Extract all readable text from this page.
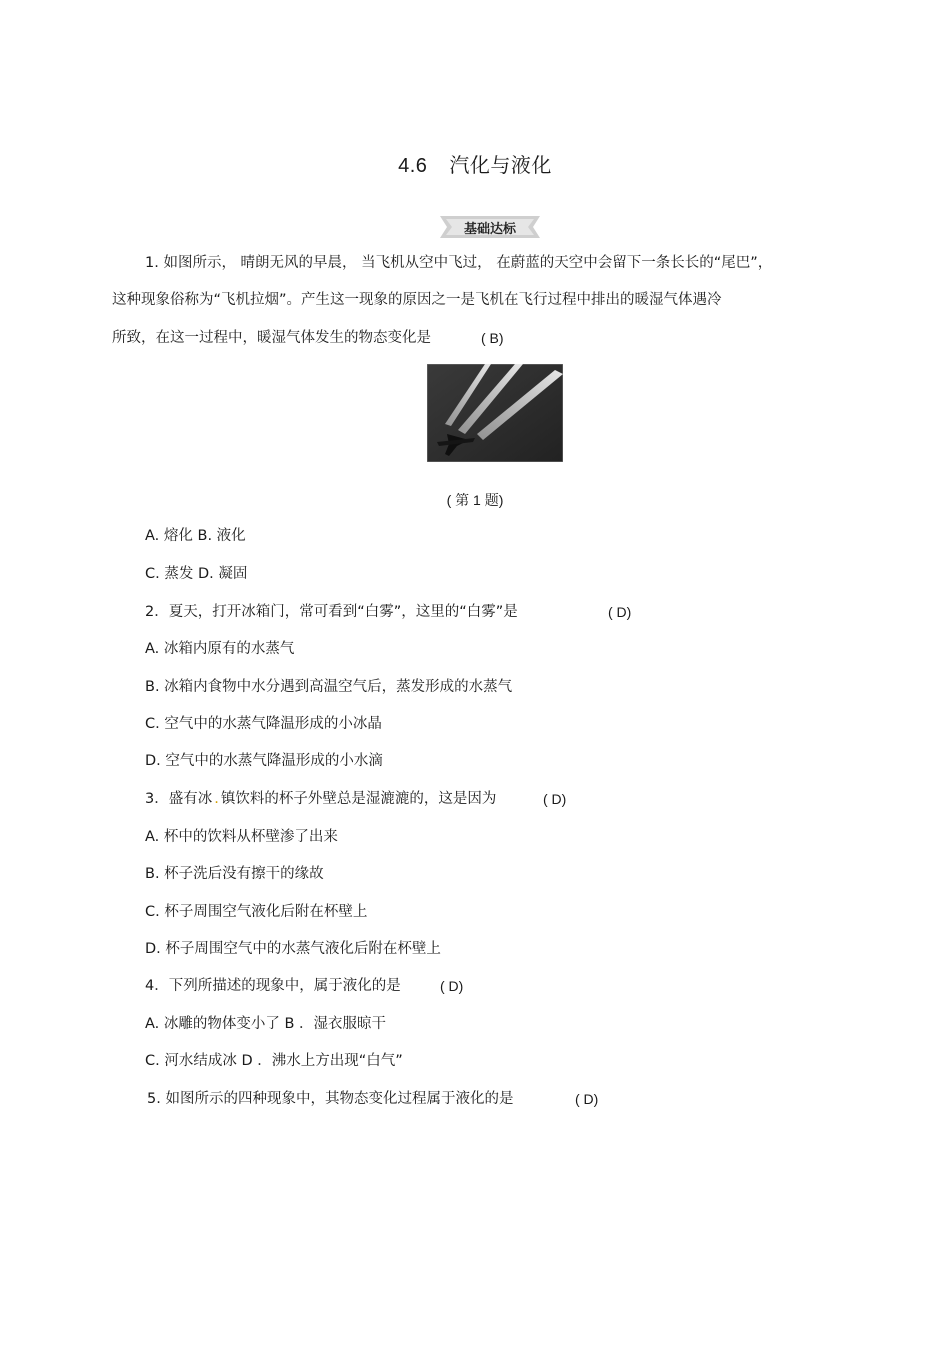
4.6 汽化与液化
基础达标
1. 如图所示， 晴朗无风的早晨， 当飞机从空中飞过， 在蔚蓝的天空中会留下一条长长的“尾巴”，
这种现象俗称为“飞机拉烟”。产生这一现象的原因之一是飞机在飞行过程中排出的暖湿气体遇冷
所致，在这一过程中，暖湿气体发生的物态变化是	( B)
( 第 1 题)
A. 熔化 B. 液化
C. 蒸发 D. 凝固
2．夏天，打开冰箱门，常可看到“白雾”，这里的“白雾”是	( D)
A. 冰箱内原有的水蒸气
B. 冰箱内食物中水分遇到高温空气后，蒸发形成的水蒸气
C. 空气中的水蒸气降温形成的小冰晶
D. 空气中的水蒸气降温形成的小水滴
3．盛有冰 . 镇饮料的杯子外壁总是湿漉漉的，这是因为	( D)
A. 杯中的饮料从杯壁渗了出来
B. 杯子洗后没有擦干的缘故
C. 杯子周围空气液化后附在杯壁上
D. 杯子周围空气中的水蒸气液化后附在杯壁上
4．下列所描述的现象中，属于液化的是	( D)
A. 冰雕的物体变小了 B ．湿衣服晾干
C. 河水结成冰 D ．沸水上方出现“白气”
5. 如图所示的四种现象中，其物态变化过程属于液化的是	( D)
